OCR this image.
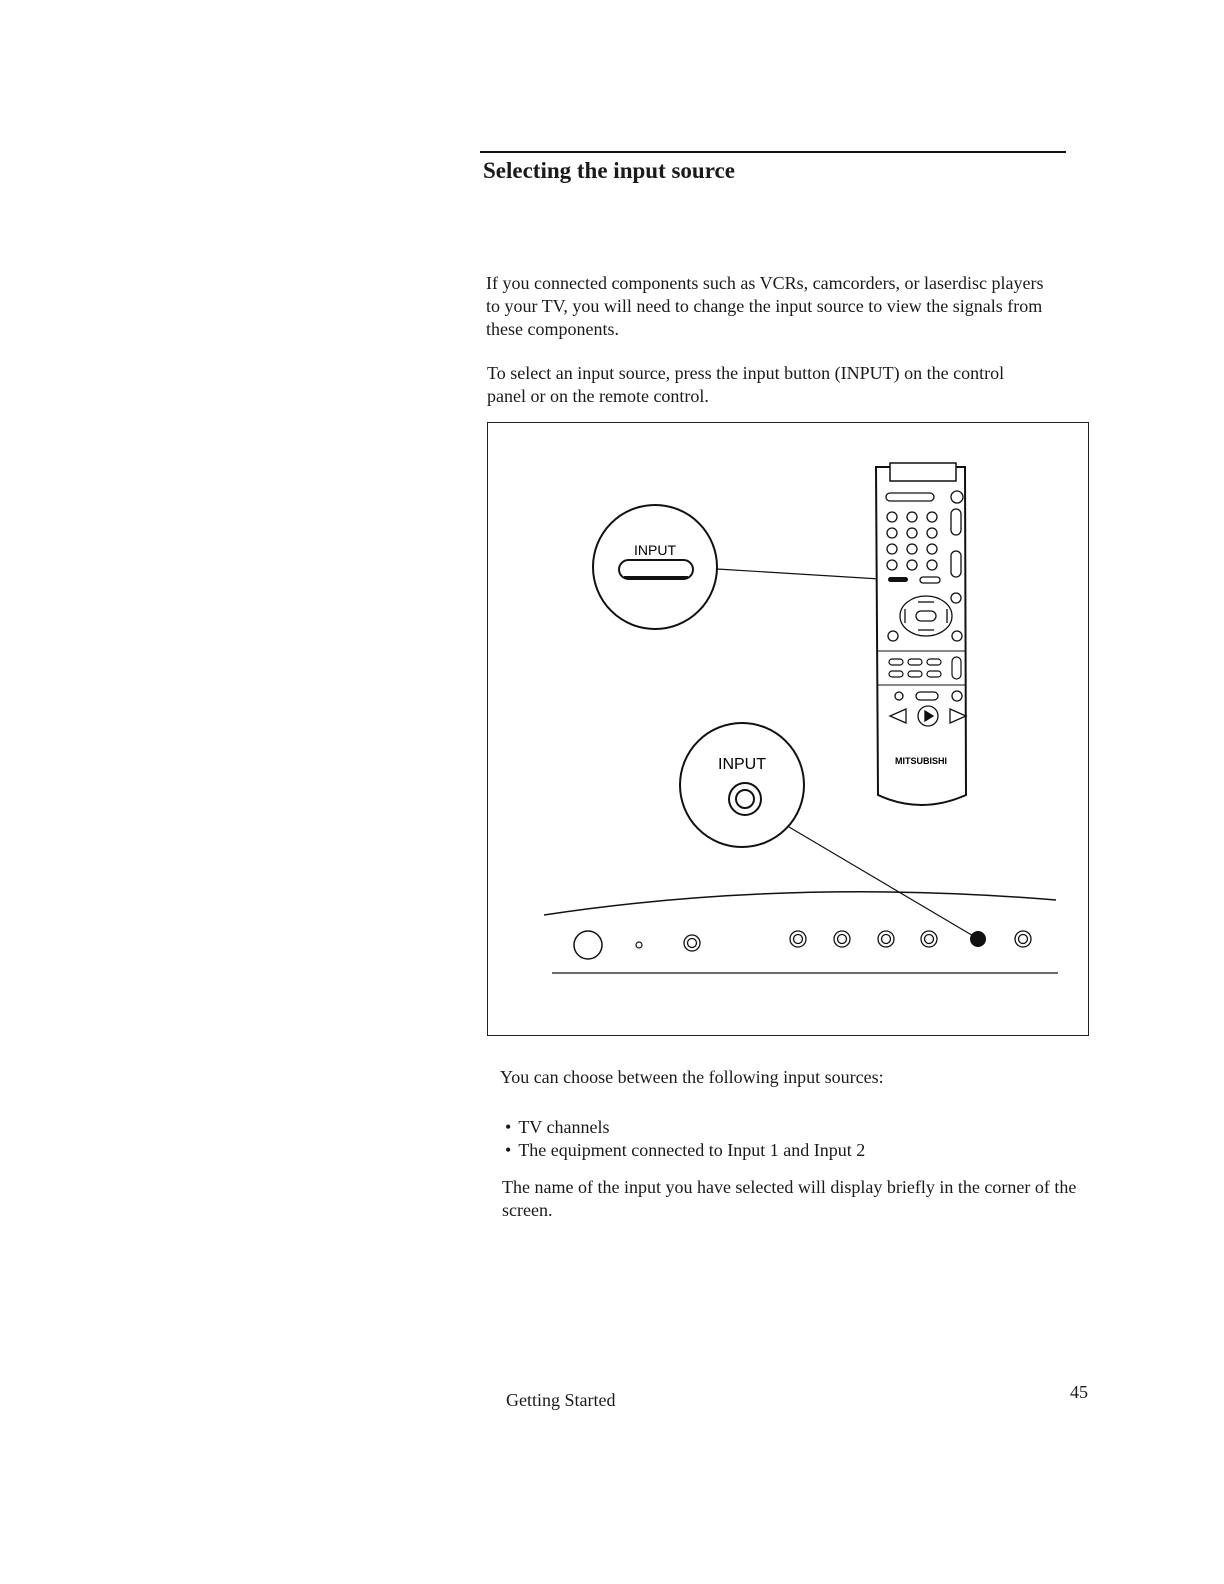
Selecting the input source

If you connected components such as VCRs, camcorders, or laserdisc players to your TV, you will need to change the input source to view the signals from these components.

To select an input source, press the input button (INPUT) on the control panel or on the remote control.

INPUT
MITSUBISHI
INPUT

You can choose between the following input sources:

• TV channels
• The equipment connected to Input 1 and Input 2

The name of the input you have selected will display briefly in the corner of the screen.

Getting Started	45
